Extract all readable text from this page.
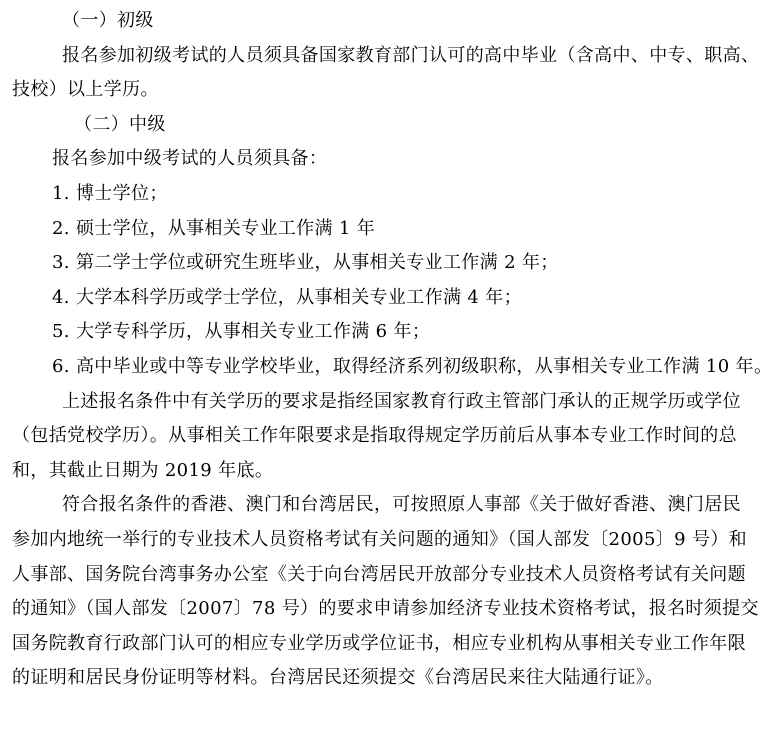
（一）初级
报名参加初级考试的人员须具备国家教育部门认可的高中毕业（含高中、中专、职高、
技校）以上学历。
（二）中级
报名参加中级考试的人员须具备：
1. 博士学位；
2. 硕士学位，从事相关专业工作满 1 年
3. 第二学士学位或研究生班毕业，从事相关专业工作满 2 年；
4. 大学本科学历或学士学位，从事相关专业工作满 4 年；
5. 大学专科学历，从事相关专业工作满 6 年；
6. 高中毕业或中等专业学校毕业，取得经济系列初级职称，从事相关专业工作满 10 年。
上述报名条件中有关学历的要求是指经国家教育行政主管部门承认的正规学历或学位
（包括党校学历）。从事相关工作年限要求是指取得规定学历前后从事本专业工作时间的总
和，其截止日期为 2019 年底。
符合报名条件的香港、澳门和台湾居民，可按照原人事部《关于做好香港、澳门居民
参加内地统一举行的专业技术人员资格考试有关问题的通知》（国人部发〔2005〕9 号）和
人事部、国务院台湾事务办公室《关于向台湾居民开放部分专业技术人员资格考试有关问题
的通知》（国人部发〔2007〕78 号）的要求申请参加经济专业技术资格考试，报名时须提交
国务院教育行政部门认可的相应专业学历或学位证书，相应专业机构从事相关专业工作年限
的证明和居民身份证明等材料。台湾居民还须提交《台湾居民来往大陆通行证》。
